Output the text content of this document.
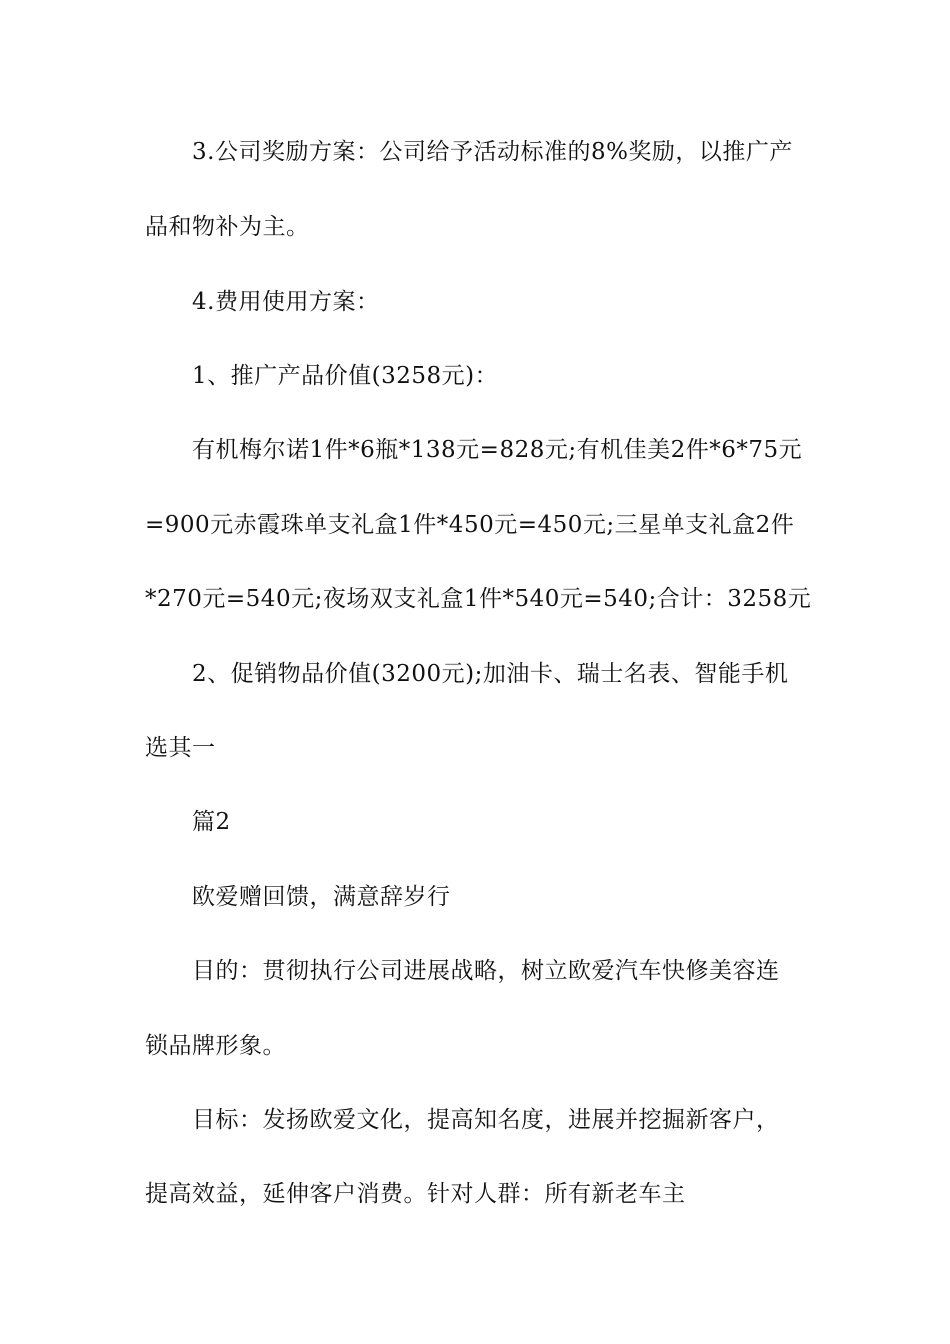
3.公司奖励方案：公司给予活动标准的8%奖励，以推广产
品和物补为主。
4.费用使用方案：
1、推广产品价值(3258元)：
有机梅尔诺1件*6瓶*138元=828元;有机佳美2件*6*75元
=900元赤霞珠单支礼盒1件*450元=450元;三星单支礼盒2件
*270元=540元;夜场双支礼盒1件*540元=540;合计：3258元
2、促销物品价值(3200元);加油卡、瑞士名表、智能手机
选其一
篇2
欧爱赠回馈，满意辞岁行
目的：贯彻执行公司进展战略，树立欧爱汽车快修美容连
锁品牌形象。
目标：发扬欧爱文化，提高知名度，进展并挖掘新客户，
提高效益，延伸客户消费。针对人群：所有新老车主
